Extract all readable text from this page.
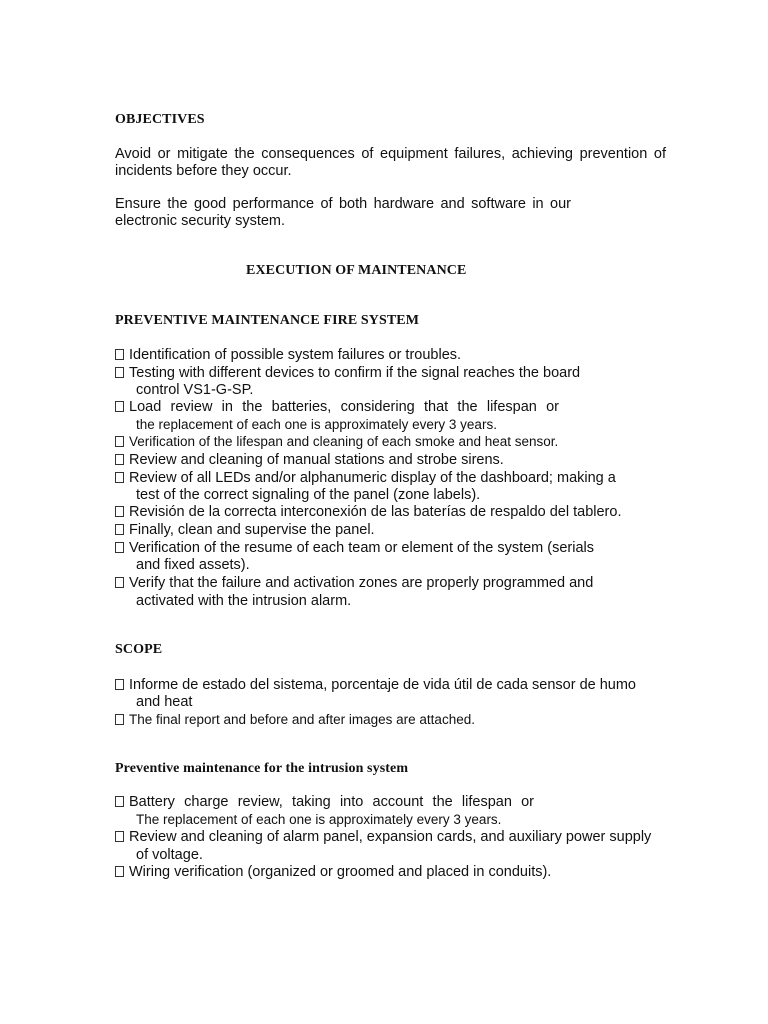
OBJECTIVES
Avoid or mitigate the consequences of equipment failures, achieving prevention of
incidents before they occur.
Ensure the good performance of both hardware and software in our
electronic security system.
EXECUTION OF MAINTENANCE
PREVENTIVE MAINTENANCE FIRE SYSTEM
Identification of possible system failures or troubles.
Testing with different devices to confirm if the signal reaches the board
control VS1-G-SP.
Load review in the batteries, considering that the lifespan or
the replacement of each one is approximately every 3 years.
Verification of the lifespan and cleaning of each smoke and heat sensor.
Review and cleaning of manual stations and strobe sirens.
Review of all LEDs and/or alphanumeric display of the dashboard; making a
test of the correct signaling of the panel (zone labels).
Revisión de la correcta interconexión de las baterías de respaldo del tablero.
Finally, clean and supervise the panel.
Verification of the resume of each team or element of the system (serials
and fixed assets).
Verify that the failure and activation zones are properly programmed and
activated with the intrusion alarm.
SCOPE
Informe de estado del sistema, porcentaje de vida útil de cada sensor de humo
and heat
The final report and before and after images are attached.
Preventive maintenance for the intrusion system
Battery charge review, taking into account the lifespan or
The replacement of each one is approximately every 3 years.
Review and cleaning of alarm panel, expansion cards, and auxiliary power supply
of voltage.
Wiring verification (organized or groomed and placed in conduits).
